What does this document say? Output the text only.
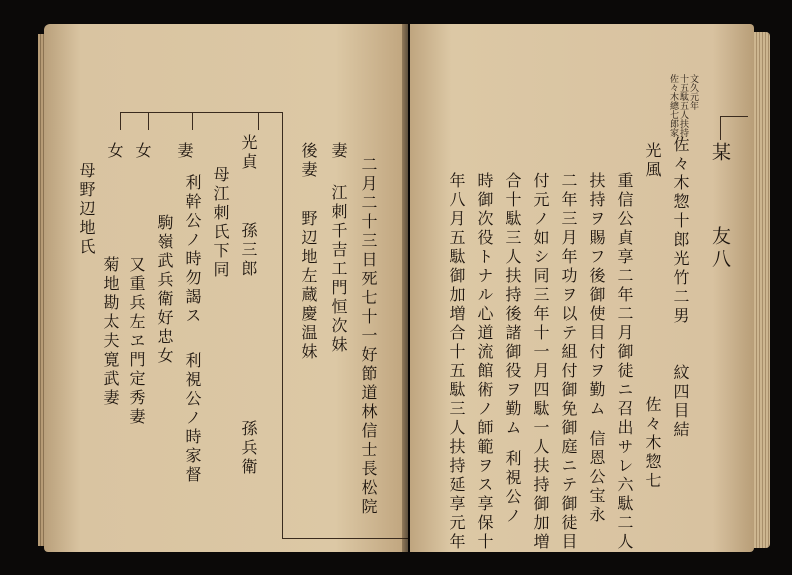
二月二十三日死七十一好節道林信士長松院
妻
江刺千吉工門恒次妹
後妻
野辺地左蔵慶温妹
光貞
孫三郎
孫兵衛
母江刺氏下同
妻
利幹公ノ時勿謁ス
利視公ノ時家督
女
駒嶺武兵衛好忠女
女
又重兵左ヱ門定秀妻
母野辺地氏
菊地勘太夫寛武妻
文久元年
十五駄五人扶持
佐々木總七郎家
某
友八
佐々木惣十郎光竹二男
紋四目結
光風
佐々木惣七
重信公貞享二年二月御徒ニ召出サレ六駄二人
扶持ヲ賜フ後御使目付ヲ勤ム
信恩公宝永
二年三月年功ヲ以テ組付御免御庭ニテ御徒目
付元ノ如シ同三年十一月四駄一人扶持御加増
合十駄三人扶持後諸御役ヲ勤ム
利視公ノ
時御次役トナル心道流館術ノ師範ヲス享保十
年八月五駄御加増合十五駄三人扶持延享元年
